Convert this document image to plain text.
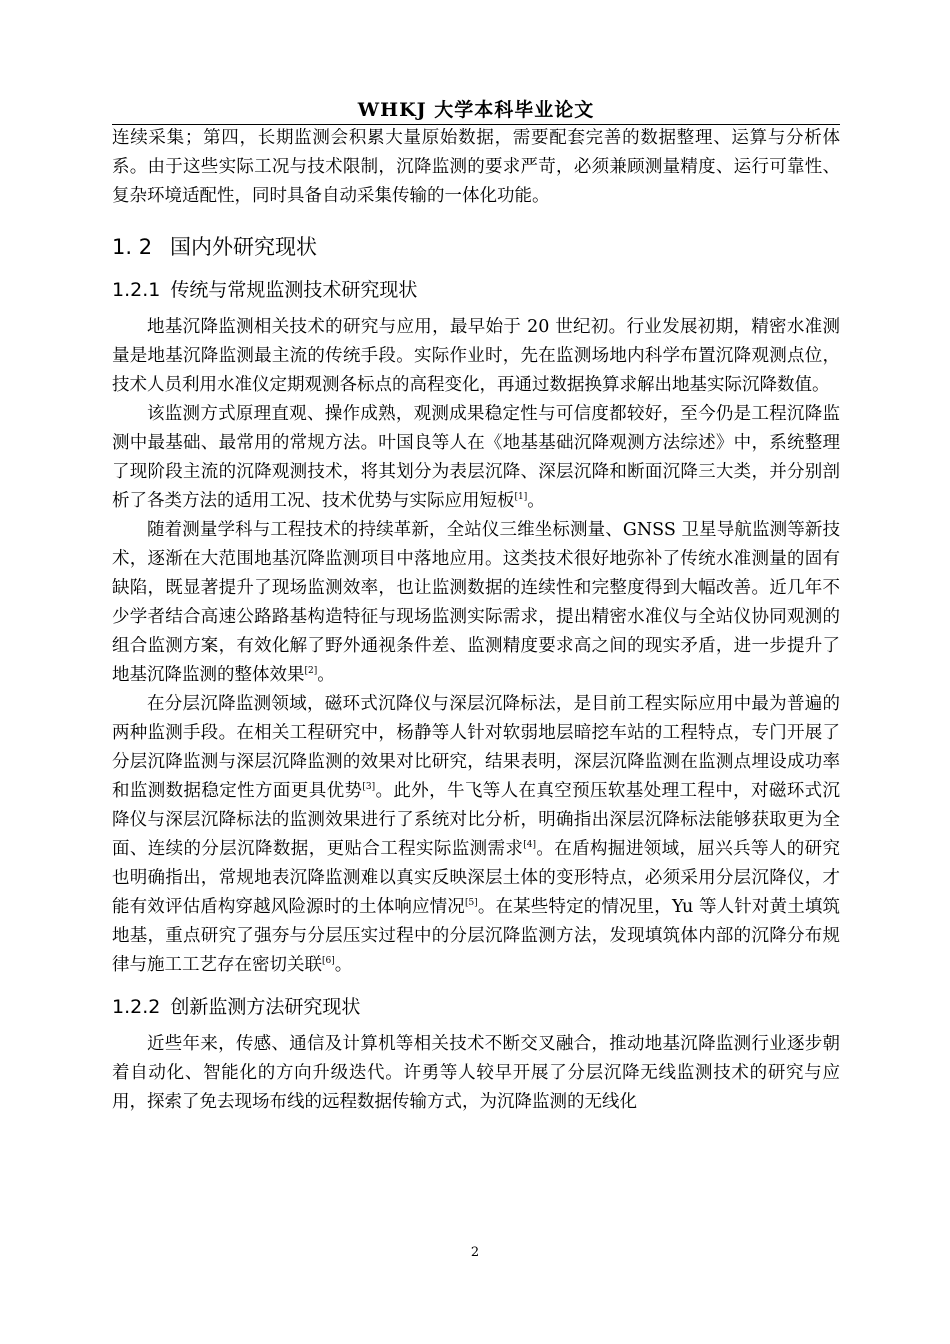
WHKJ 大学本科毕业论文

连续采集；第四，长期监测会积累大量原始数据，需要配套完善的数据整理、运算与分析体系。由于这些实际工况与技术限制，沉降监测的要求严苛，必须兼顾测量精度、运行可靠性、复杂环境适配性，同时具备自动采集传输的一体化功能。

1. 2 国内外研究现状
1.2.1 传统与常规监测技术研究现状

地基沉降监测相关技术的研究与应用，最早始于 20 世纪初。行业发展初期，精密水准测量是地基沉降监测最主流的传统手段。实际作业时，先在监测场地内科学布置沉降观测点位，技术人员利用水准仪定期观测各标点的高程变化，再通过数据换算求解出地基实际沉降数值。

该监测方式原理直观、操作成熟，观测成果稳定性与可信度都较好，至今仍是工程沉降监测中最基础、最常用的常规方法。叶国良等人在《地基基础沉降观测方法综述》中，系统整理了现阶段主流的沉降观测技术，将其划分为表层沉降、深层沉降和断面沉降三大类，并分别剖析了各类方法的适用工况、技术优势与实际应用短板[1]。

随着测量学科与工程技术的持续革新，全站仪三维坐标测量、GNSS 卫星导航监测等新技术，逐渐在大范围地基沉降监测项目中落地应用。这类技术很好地弥补了传统水准测量的固有缺陷，既显著提升了现场监测效率，也让监测数据的连续性和完整度得到大幅改善。近几年不少学者结合高速公路路基构造特征与现场监测实际需求，提出精密水准仪与全站仪协同观测的组合监测方案，有效化解了野外通视条件差、监测精度要求高之间的现实矛盾，进一步提升了地基沉降监测的整体效果[2]。

在分层沉降监测领域，磁环式沉降仪与深层沉降标法，是目前工程实际应用中最为普遍的两种监测手段。在相关工程研究中，杨静等人针对软弱地层暗挖车站的工程特点，专门开展了分层沉降监测与深层沉降监测的效果对比研究，结果表明，深层沉降监测在监测点埋设成功率和监测数据稳定性方面更具优势[3]。此外，牛飞等人在真空预压软基处理工程中，对磁环式沉降仪与深层沉降标法的监测效果进行了系统对比分析，明确指出深层沉降标法能够获取更为全面、连续的分层沉降数据，更贴合工程实际监测需求[4]。在盾构掘进领域，屈兴兵等人的研究也明确指出，常规地表沉降监测难以真实反映深层土体的变形特点，必须采用分层沉降仪，才能有效评估盾构穿越风险源时的土体响应情况[5]。在某些特定的情况里，Yu 等人针对黄土填筑地基，重点研究了强夯与分层压实过程中的分层沉降监测方法，发现填筑体内部的沉降分布规律与施工工艺存在密切关联[6]。

1.2.2 创新监测方法研究现状

近些年来，传感、通信及计算机等相关技术不断交叉融合，推动地基沉降监测行业逐步朝着自动化、智能化的方向升级迭代。许勇等人较早开展了分层沉降无线监测技术的研究与应用，探索了免去现场布线的远程数据传输方式，为沉降监测的无线化

2
